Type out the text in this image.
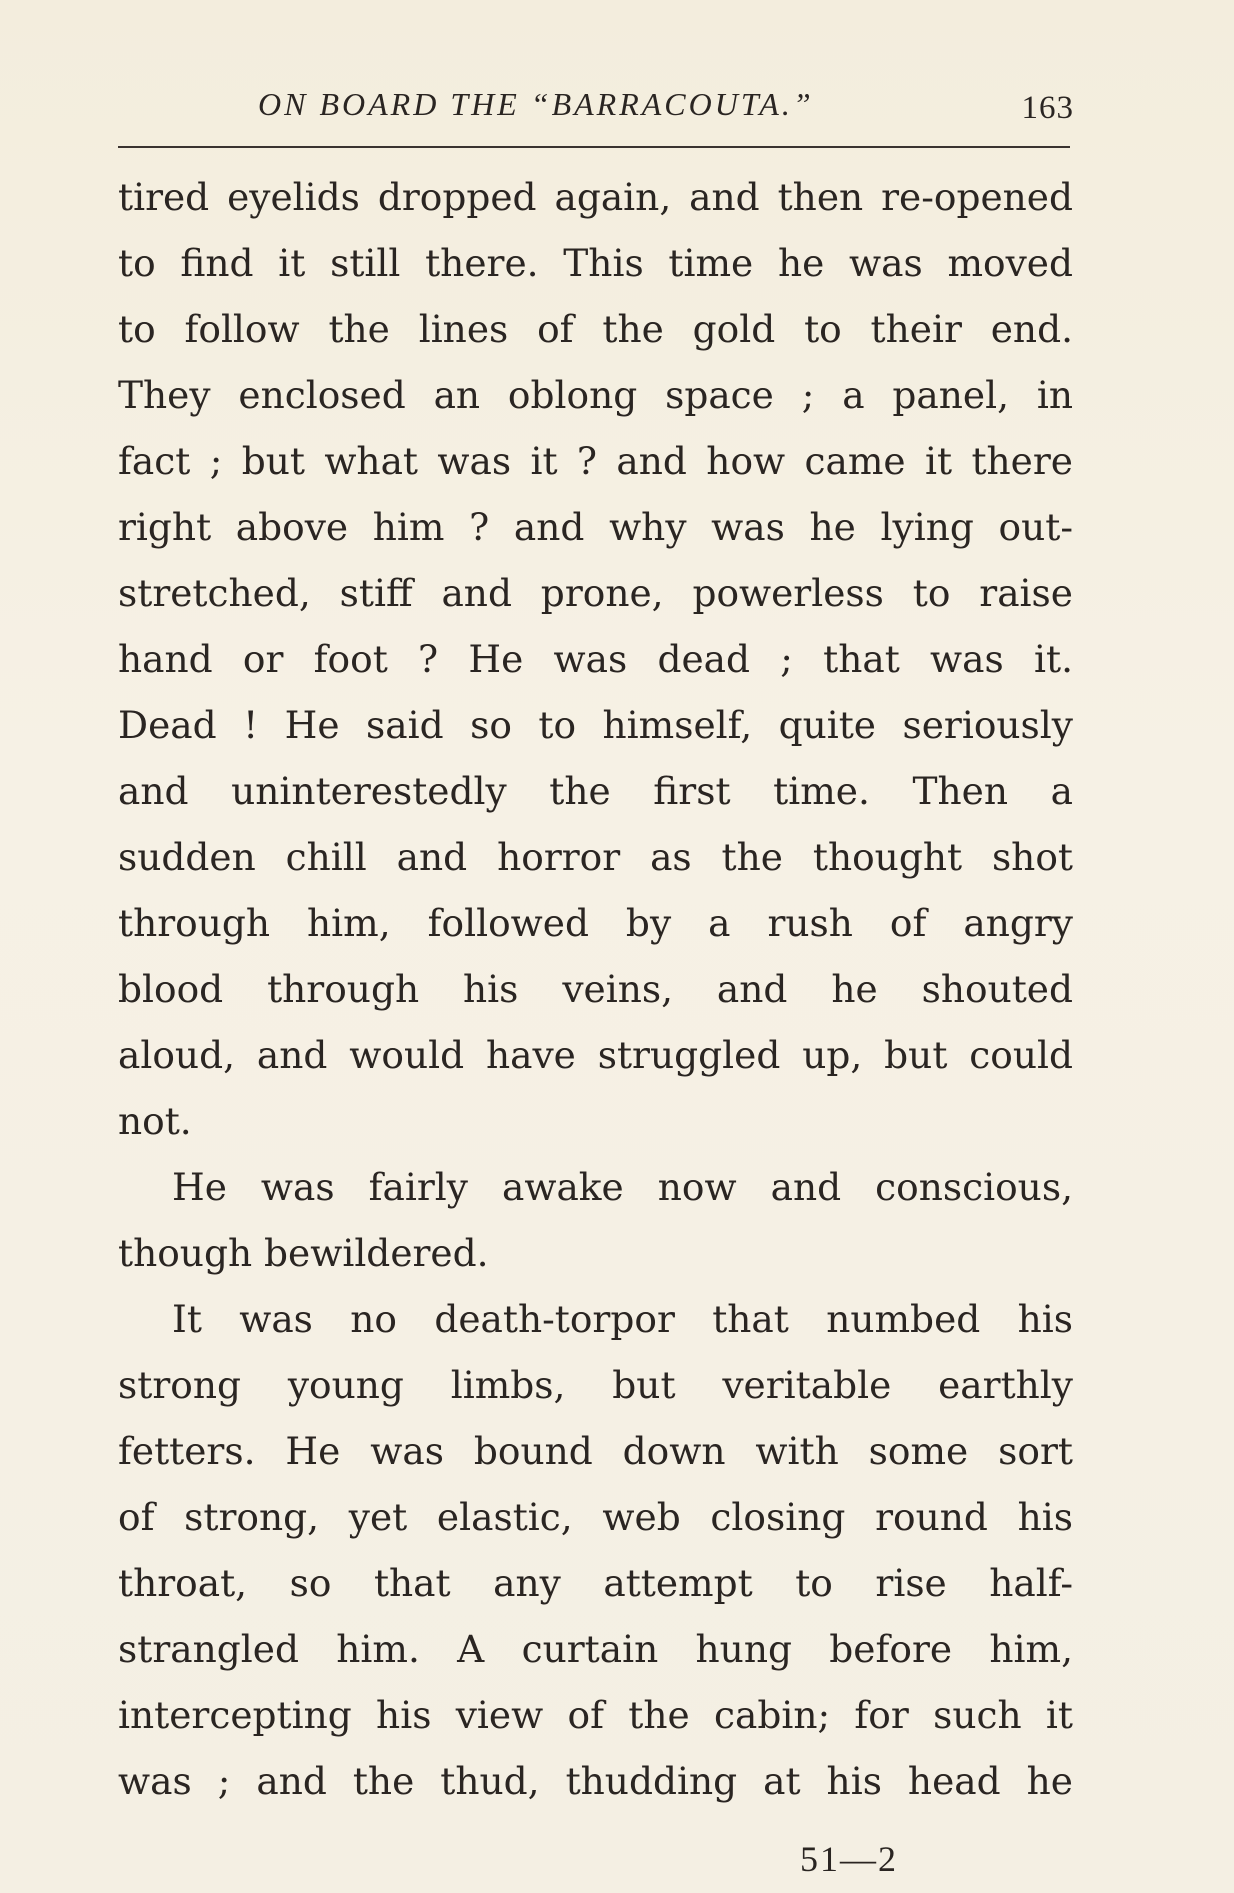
ON BOARD THE “BARRACOUTA.”	163
tired eyelids dropped again, and then re-opened
to find it still there. This time he was moved
to follow the lines of the gold to their end.
They enclosed an oblong space ; a panel, in
fact ; but what was it ? and how came it there
right above him ? and why was he lying out-
stretched, stiff and prone, powerless to raise
hand or foot ? He was dead ; that was it.
Dead ! He said so to himself, quite seriously
and uninterestedly the first time. Then a
sudden chill and horror as the thought shot
through him, followed by a rush of angry
blood through his veins, and he shouted
aloud, and would have struggled up, but could
not.
He was fairly awake now and conscious,
though bewildered.
It was no death-torpor that numbed his
strong young limbs, but veritable earthly
fetters. He was bound down with some sort
of strong, yet elastic, web closing round his
throat, so that any attempt to rise half-
strangled him. A curtain hung before him,
intercepting his view of the cabin; for such it
was ; and the thud, thudding at his head he
51—2
